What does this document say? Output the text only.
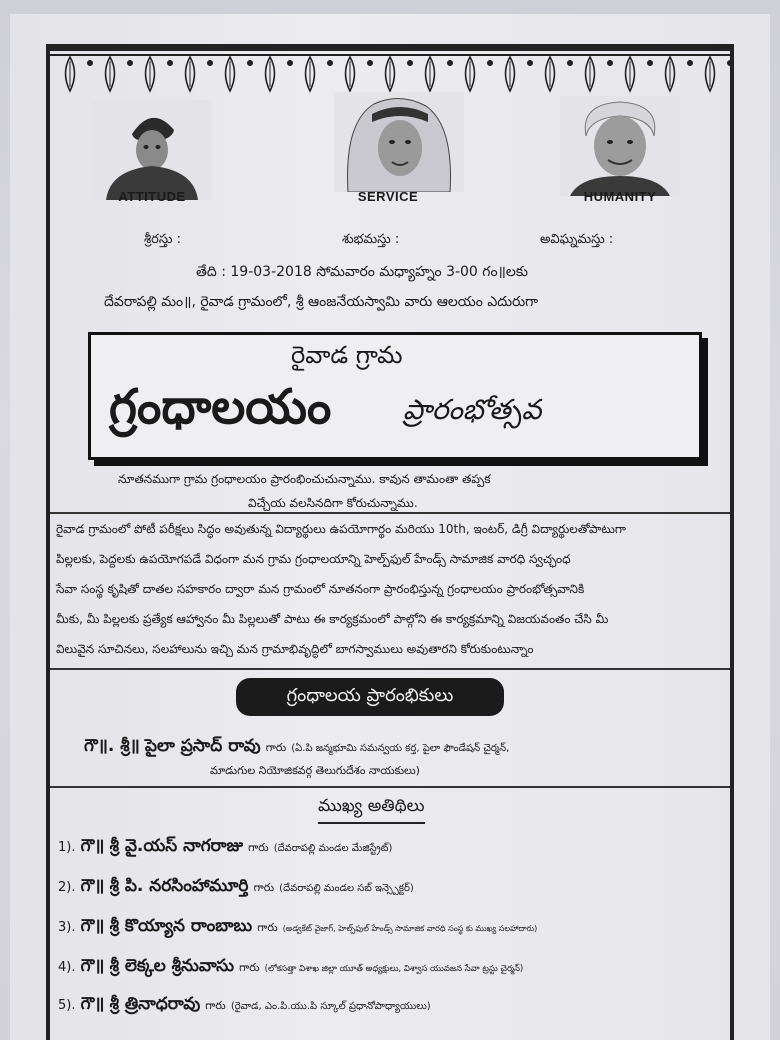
ATTITUDE	SERVICE	HUMANITY
శ్రీరస్తు :	శుభమస్తు :	అవిఘ్నమస్తు :
తేది : 19-03-2018 సోమవారం మధ్యాహ్నం 3-00 గం॥లకు
దేవరాపల్లి మం॥, రైవాడ గ్రామంలో, శ్రీ ఆంజనేయస్వామి వారు ఆలయం ఎదురుగా
రైవాడ గ్రామ
గ్రంధాలయం	ప్రారంభోత్సవ
నూతనముగా గ్రామ గ్రంధాలయం ప్రారంభించుచున్నాము. కావున తామంతా తప్పక
విచ్చేయ వలసినదిగా కోరుచున్నాము.
రైవాడ గ్రామంలో పోటీ పరీక్షలు సిద్ధం అవుతున్న విద్యార్థులు ఉపయోగార్థం మరియు 10th, ఇంటర్, డిగ్రీ విద్యార్థులతోపాటుగా
పిల్లలకు, పెద్దలకు ఉపయోగపడే విధంగా మన గ్రామ గ్రంధాలయాన్ని హెల్ప్‌ఫుల్ హేండ్స్ సామాజిక వారధి స్వచ్ఛంధ
సేవా సంస్థ కృషితో దాతల సహకారం ద్వారా మన గ్రామంలో నూతనంగా ప్రారంభిస్తున్న గ్రంధాలయం ప్రారంభోత్సవానికి
మీకు, మీ పిల్లలకు ప్రత్యేక ఆహ్వానం మీ పిల్లలుతో పాటు ఈ కార్యక్రమంలో పాల్గోని ఈ కార్యక్రమాన్ని విజయవంతం చేసి మీ
విలువైన సూచినలు, సలహాలును ఇచ్చి మన గ్రామాభివృద్ధిలో బాగస్వాములు అవుతారని కోరుకుంటున్నాం
గ్రంధాలయ ప్రారంభికులు
గౌ॥. శ్రీ॥ పైలా ప్రసాద్ రావు గారు (ఏ.పి జన్మభూమి సమన్వయ కర్త, పైలా ఫౌండేషన్ చైర్మన్,
మాడుగుల నియోజికవర్గ తెలుగుదేశం నాయకులు)
ముఖ్య అతిథిలు
1). గౌ॥ శ్రీ వై.యస్ నాగరాజు గారు (దేవరాపల్లి మండల మేజిస్ట్రేట్)
2). గౌ॥ శ్రీ పి. నరసింహామూర్తి గారు (దేవరాపల్లి మండల సబ్ ఇన్స్పెక్టర్)
3). గౌ॥ శ్రీ కొయ్యాన రాంబాబు గారు (అడ్వకేట్ వైజాగ్, హెల్ప్‌ఫుల్ హేండ్స్ సామాజిక వారధి సంస్థ కు ముఖ్య సలహాదారు)
4). గౌ॥ శ్రీ లెక్కల శ్రీనువాసు గారు (లోకసత్తా విశాఖ జిల్లా యూత్ అధ్యక్షులు, విశ్వాస యువజన సేవా ట్రస్టు చైర్మన్)
5). గౌ॥ శ్రీ త్రినాధరావు గారు (రైవాడ, ఎం.పి.యు.పి స్కూల్ ప్రధానోపాధ్యాయులు)
